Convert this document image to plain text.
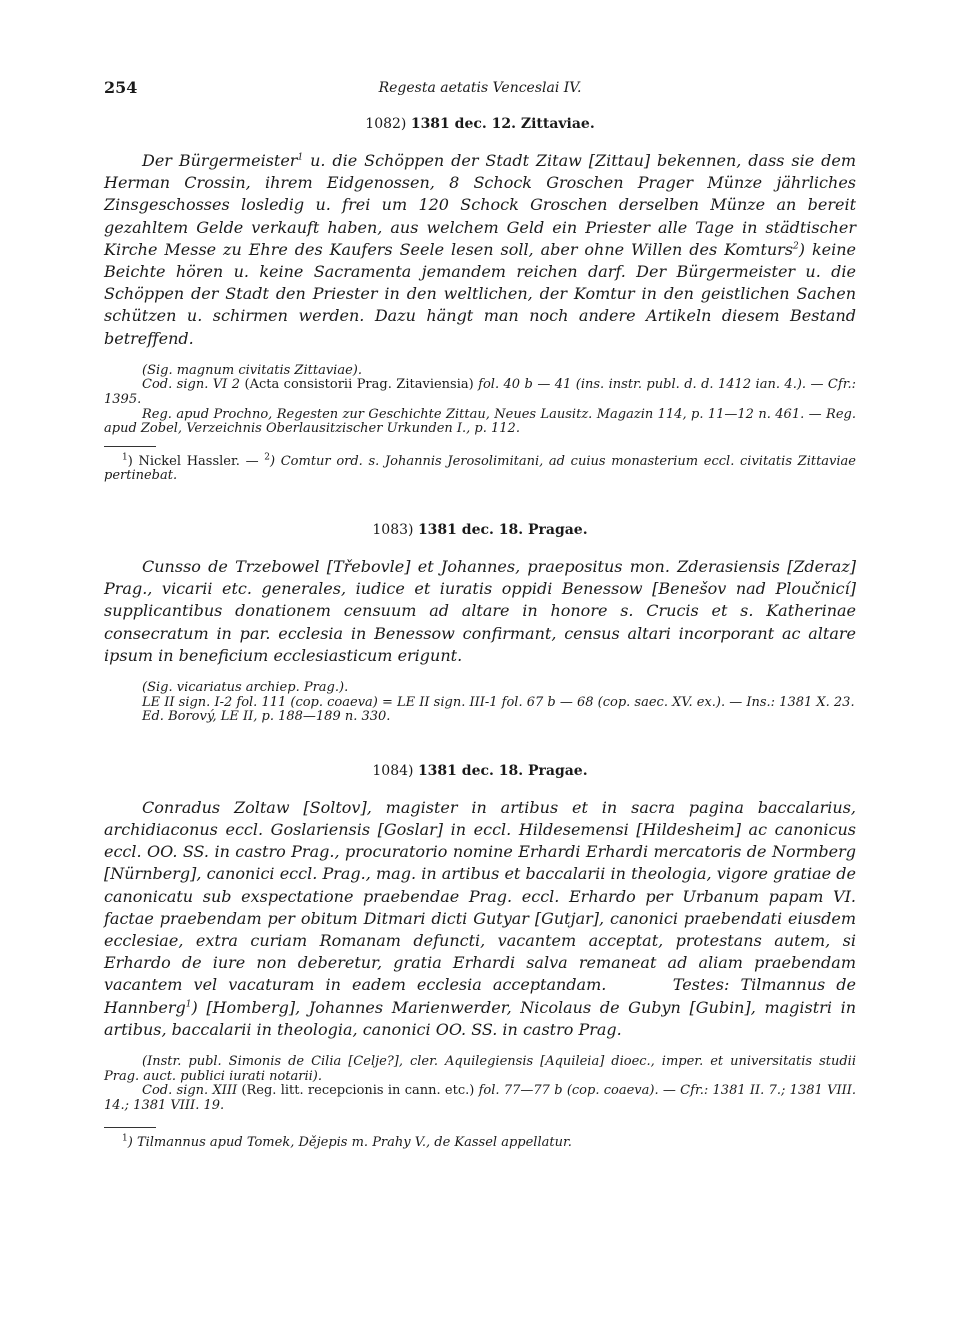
254	Regesta aetatis Venceslai IV.
1082) 1381 dec. 12. Zittaviae.

Der Bürgermeister$^1$ u. die Schöppen der Stadt Zitaw [Zittau] bekennen, dass sie dem Herman Crossin, ihrem Eidgenossen, 8 Schock Groschen Prager Münze jährliches Zinsgeschosses losledig u. frei um 120 Schock Groschen derselben Münze an bereit gezahltem Gelde verkauft haben, aus welchem Geld ein Priester alle Tage in städtischer Kirche Messe zu Ehre des Kaufers Seele lesen soll, aber ohne Willen des Komturs$^2$) keine Beichte hören u. keine Sacramenta jemandem reichen darf. Der Bürgermeister u. die Schöppen der Stadt den Priester in den weltlichen, der Komtur in den geistlichen Sachen schützen u. schirmen werden. Dazu hängt man noch andere Artikeln diesem Bestand betreffend.

(Sig. magnum civitatis Zittaviae).

Cod. sign. VI 2 (Acta consistorii Prag. Zitaviensia) fol. 40 b — 41 (ins. instr. publ. d. d. 1412 ian. 4.). — Cfr.: 1395.

Reg. apud Prochno, Regesten zur Geschichte Zittau, Neues Lausitz. Magazin 114, p. 11—12 n. 461. — Reg. apud Zobel, Verzeichnis Oberlausitzischer Urkunden I., p. 112.

$^1$) Nickel Hassler. — $^2$) Comtur ord. s. Johannis Jerosolimitani, ad cuius monasterium eccl. civitatis Zittaviae pertinebat.

1083) 1381 dec. 18. Pragae.

Cunsso de Trzebowel [Třebovle] et Johannes, praepositus mon. Zderasiensis [Zderaz] Prag., vicarii etc. generales, iudice et iuratis oppidi Benessow [Benešov nad Ploučnicí] supplicantibus donationem censuum ad altare in honore s. Crucis et s. Katherinae consecratum in par. ecclesia in Benessow confirmant, census altari incorporant ac altare ipsum in beneficium ecclesiasticum erigunt.

(Sig. vicariatus archiep. Prag.).

LE II sign. I-2 fol. 111 (cop. coaeva) = LE II sign. III-1 fol. 67 b — 68 (cop. saec. XV. ex.). — Ins.: 1381 X. 23.

Ed. Borový, LE II, p. 188—189 n. 330.

1084) 1381 dec. 18. Pragae.

Conradus Zoltaw [Soltov], magister in artibus et in sacra pagina baccalarius, archidiaconus eccl. Goslariensis [Goslar] in eccl. Hildesemensi [Hildesheim] ac canonicus eccl. OO. SS. in castro Prag., procuratorio nomine Erhardi Erhardi mercatoris de Normberg [Nürnberg], canonici eccl. Prag., mag. in artibus et baccalarii in theologia, vigore gratiae de canonicatu sub exspectatione praebendae Prag. eccl. Erhardo per Urbanum papam VI. factae praebendam per obitum Ditmari dicti Gutyar [Gutjar], canonici praebendati eiusdem ecclesiae, extra curiam Romanam defuncti, vacantem acceptat, protestans autem, si Erhardo de iure non deberetur, gratia Erhardi salva remaneat ad aliam praebendam vacantem vel vacaturam in eadem ecclesia acceptandam.      Testes: Tilmannus de Hannberg$^1$) [Homberg], Johannes Marienwerder, Nicolaus de Gubyn [Gubin], magistri in artibus, baccalarii in theologia, canonici OO. SS. in castro Prag.

(Instr. publ. Simonis de Cilia [Celje?], cler. Aquilegiensis [Aquileia] dioec., imper. et universitatis studii Prag. auct. publici iurati notarii).

Cod. sign. XIII (Reg. litt. recepcionis in cann. etc.) fol. 77—77 b (cop. coaeva). — Cfr.: 1381 II. 7.; 1381 VIII. 14.; 1381 VIII. 19.

$^1$) Tilmannus apud Tomek, Dějepis m. Prahy V., de Kassel appellatur.
